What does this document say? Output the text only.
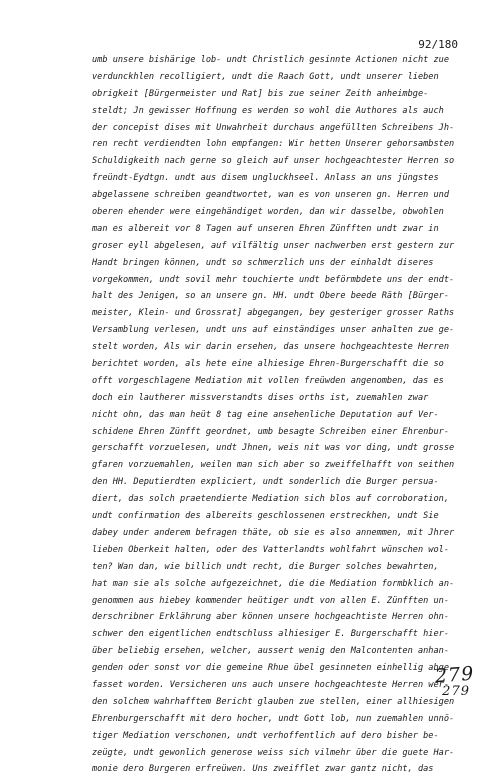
92/180
umb unsere bishärige lob- undt Christlich gesinnte Actionen nicht zue
verdunckhlen recolligiert, undt die Raach Gott, undt unserer lieben
obrigkeit [Bürgermeister und Rat] bis zue seiner Zeith anheimbge-
steldt; Jn gewisser Hoffnung es werden so wohl die Authores als auch
der concepist dises mit Unwahrheit durchaus angefüllten Schreibens Jh-
ren recht verdiendten lohn empfangen: Wir hetten Unserer gehorsambsten
Schuldigkeith nach gerne so gleich auf unser hochgeachtester Herren so
freündt-Eydtgn. undt aus disem ungluckhseel. Anlass an uns jüngstes
abgelassene schreiben geandtwortet, wan es von unseren gn. Herren und
oberen ehender were eingehändiget worden, dan wir dasselbe, obwohlen
man es albereit vor 8 Tagen auf unseren Ehren Zünfften undt zwar in
groser eyll abgelesen, auf vilfältig unser nachwerben erst gestern zur
Handt bringen können, undt so schmerzlich uns der einhaldt diseres
vorgekommen, undt sovil mehr touchierte undt beförmbdete uns der endt-
halt des Jenigen, so an unsere gn. HH. undt Obere beede Räth [Bürger-
meister, Klein- und Grossrat] abgegangen, bey gesteriger grosser Raths
Versamblung verlesen, undt uns auf einständiges unser anhalten zue ge-
stelt worden, Als wir darin ersehen, das unsere hochgeachteste Herren
berichtet worden, als hete eine alhiesige Ehren-Burgerschafft die so
offt vorgeschlagene Mediation mit vollen freüwden angenomben, das es
doch ein lautherer missverstandts dises orths ist, zuemahlen zwar
nicht ohn, das man heüt 8 tag eine ansehenliche Deputation auf Ver-
schidene Ehren Zünfft geordnet, umb besagte Schreiben einer Ehrenbur-
gerschafft vorzuelesen, undt Jhnen, weis nit was vor ding, undt grosse
gfaren vorzuemahlen, weilen man sich aber so zweiffelhafft von seithen
den HH. Deputierdten expliciert, undt sonderlich die Burger persua-
diert, das solch praetendierte Mediation sich blos auf corroboration,
undt confirmation des albereits geschlossenen erstreckhen, undt Sie
dabey under anderem befragen thäte, ob sie es also annemmen, mit Jhrer
lieben Oberkeit halten, oder des Vatterlandts wohlfahrt wünschen wol-
ten? Wan dan, wie billich undt recht, die Burger solches bewahrten,
hat man sie als solche aufgezeichnet, die die Mediation formbklich an-
genommen aus hiebey kommender heütiger undt von allen E. Zünfften un-
derschribner Erklährung aber können unsere hochgeachtiste Herren ohn-
schwer den eigentlichen endtschluss alhiesiger E. Burgerschafft hier-
über beliebig ersehen, welcher, aussert wenig den Malcontenten anhan-
genden oder sonst vor die gemeine Rhue übel gesinneten einhellig abge-
fasset worden. Versicheren uns auch unsere hochgeachteste Herren wer-
den solchem wahrhafftem Bericht glauben zue stellen, einer allhiesigen
Ehrenburgerschafft mit dero hocher, undt Gott lob, nun zuemahlen unnö-
tiger Mediation verschonen, undt verhoffentlich auf dero bisher be-
zeügte, undt gewonlich generose weiss sich vilmehr über die guete Har-
monie dero Burgeren erfreüwen. Uns zweifflet zwar gantz nicht, das
279
279
